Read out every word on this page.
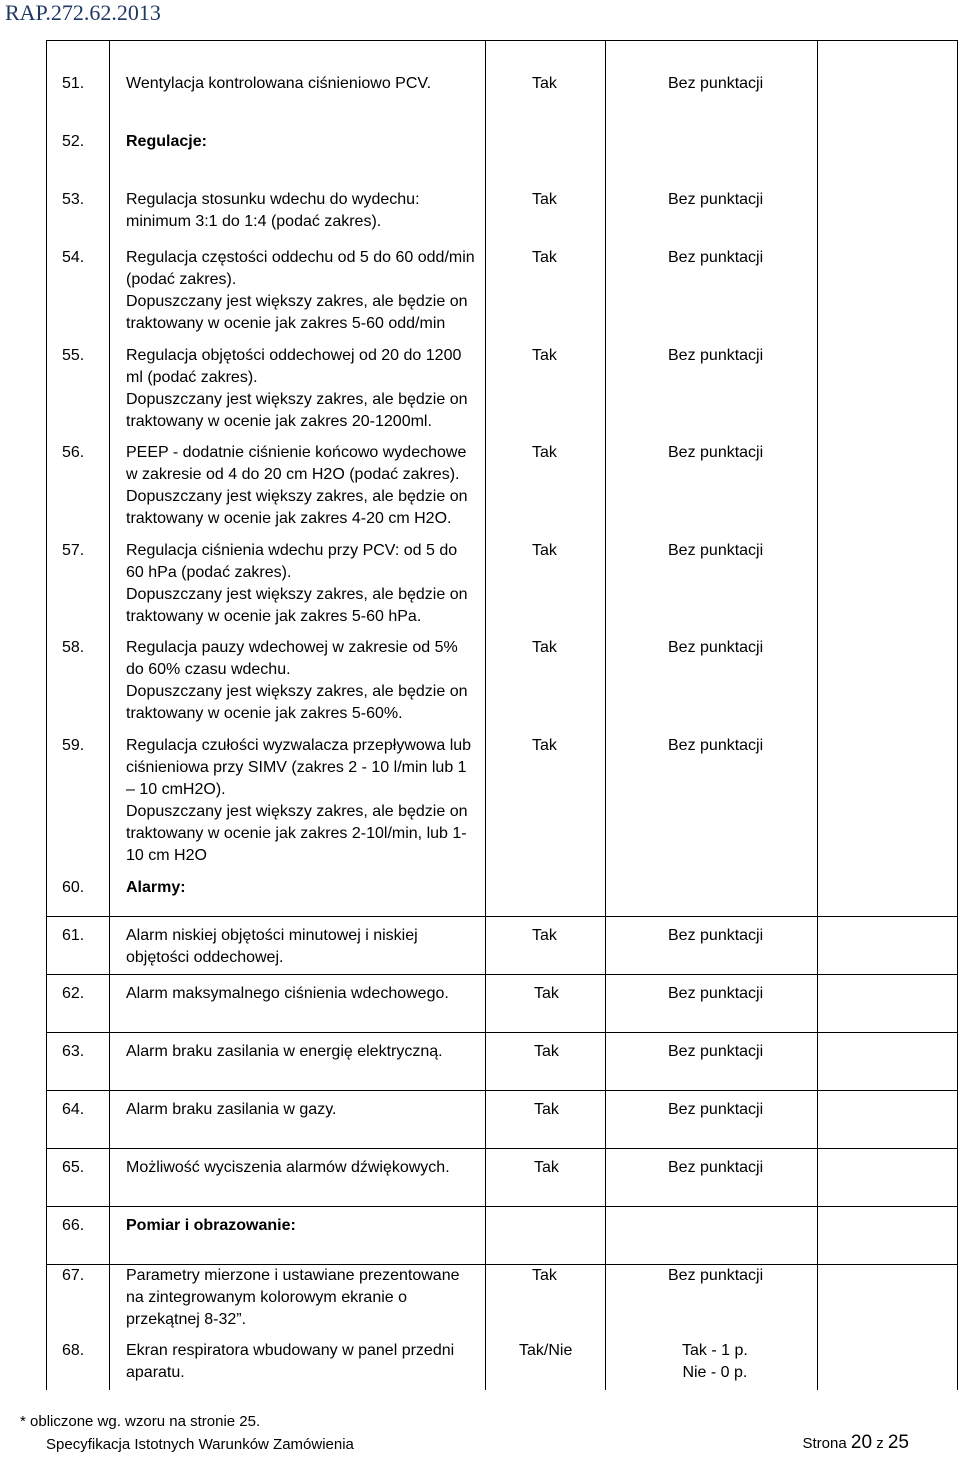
RAP.272.62.2013
51.	Wentylacja kontrolowana ciśnieniowo PCV.	Tak	Bez punktacji
52.	Regulacje:
53.	Regulacja stosunku wdechu do wydechu:
minimum 3:1 do 1:4 (podać zakres).
Tak	Bez punktacji
54.	Regulacja częstości oddechu od 5 do 60 odd/min
(podać zakres).
Dopuszczany jest większy zakres, ale będzie on
traktowany w ocenie jak zakres 5-60 odd/min
Tak	Bez punktacji
55.	Regulacja objętości oddechowej od 20 do 1200
ml (podać zakres).
Dopuszczany jest większy zakres, ale będzie on
traktowany w ocenie jak zakres 20-1200ml.
Tak	Bez punktacji
56.	PEEP - dodatnie ciśnienie końcowo wydechowe
w zakresie od 4 do 20 cm H2O (podać zakres).
Dopuszczany jest większy zakres, ale będzie on
traktowany w ocenie jak zakres 4-20 cm H2O.
Tak	Bez punktacji
57.	Regulacja ciśnienia wdechu przy PCV: od 5 do
60 hPa (podać zakres).
Dopuszczany jest większy zakres, ale będzie on
traktowany w ocenie jak zakres 5-60 hPa.
Tak	Bez punktacji
58.	Regulacja pauzy wdechowej w zakresie od 5%
do 60% czasu wdechu.
Dopuszczany jest większy zakres, ale będzie on
traktowany w ocenie jak zakres 5-60%.
Tak	Bez punktacji
59.	Regulacja czułości wyzwalacza przepływowa lub
ciśnieniowa przy SIMV (zakres 2 - 10 l/min lub 1
– 10 cmH2O).
Dopuszczany jest większy zakres, ale będzie on
traktowany w ocenie jak zakres 2-10l/min, lub 1-
10 cm H2O
Tak	Bez punktacji
60.	Alarmy:
61.	Alarm niskiej objętości minutowej i niskiej
objętości oddechowej.
Tak	Bez punktacji
62.	Alarm maksymalnego ciśnienia wdechowego.	Tak	Bez punktacji
63.	Alarm braku zasilania w energię elektryczną.	Tak	Bez punktacji
64.	Alarm braku zasilania w gazy.	Tak	Bez punktacji
65.	Możliwość wyciszenia alarmów dźwiękowych.	Tak	Bez punktacji
66.	Pomiar i obrazowanie:
67.	Parametry mierzone i ustawiane prezentowane
na zintegrowanym kolorowym ekranie o
przekątnej 8-32”.
Tak	Bez punktacji
68.	Ekran respiratora wbudowany w panel przedni
aparatu.
Tak/Nie	Tak - 1 p.
Nie - 0 p.
* obliczone wg. wzoru na stronie 25.
Specyfikacja Istotnych Warunków Zamówienia	Strona 20 z 25
